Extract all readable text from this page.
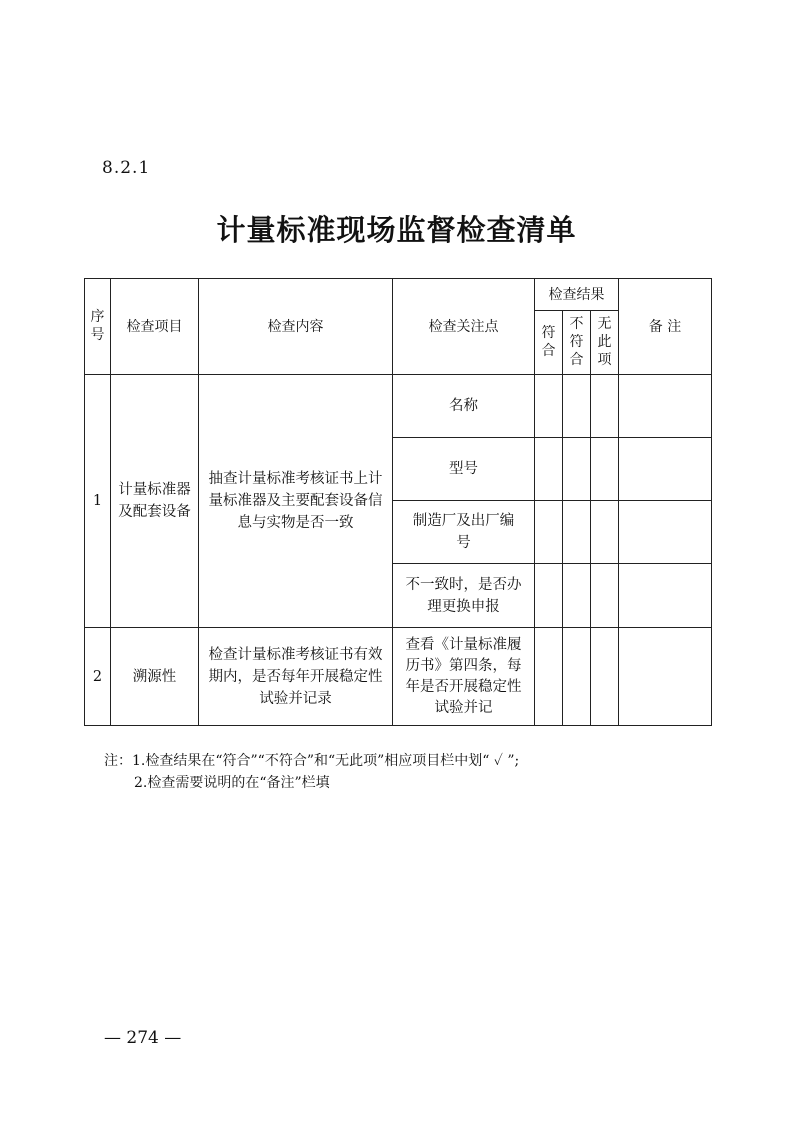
8.2.1
计量标准现场监督检查清单
序号	检查项目	检查内容	检查关注点	检查结果			备 注
				符合	不符合	无此项	
1	计量标准器及配套设备	抽查计量标准考核证书上计量标准器及主要配套设备信息与实物是否一致	名称				
			型号				
			制造厂及出厂编号				
			不一致时，是否办理更换申报				
2	溯源性	检查计量标准考核证书有效期内，是否每年开展稳定性试验并记录	查看《计量标准履历书》第四条，每年是否开展稳定性试验并记				
注：1.检查结果在“符合”“不符合”和“无此项”相应项目栏中划“ ✓ ”;
2.检查需要说明的在“备注”栏填
— 274 —
